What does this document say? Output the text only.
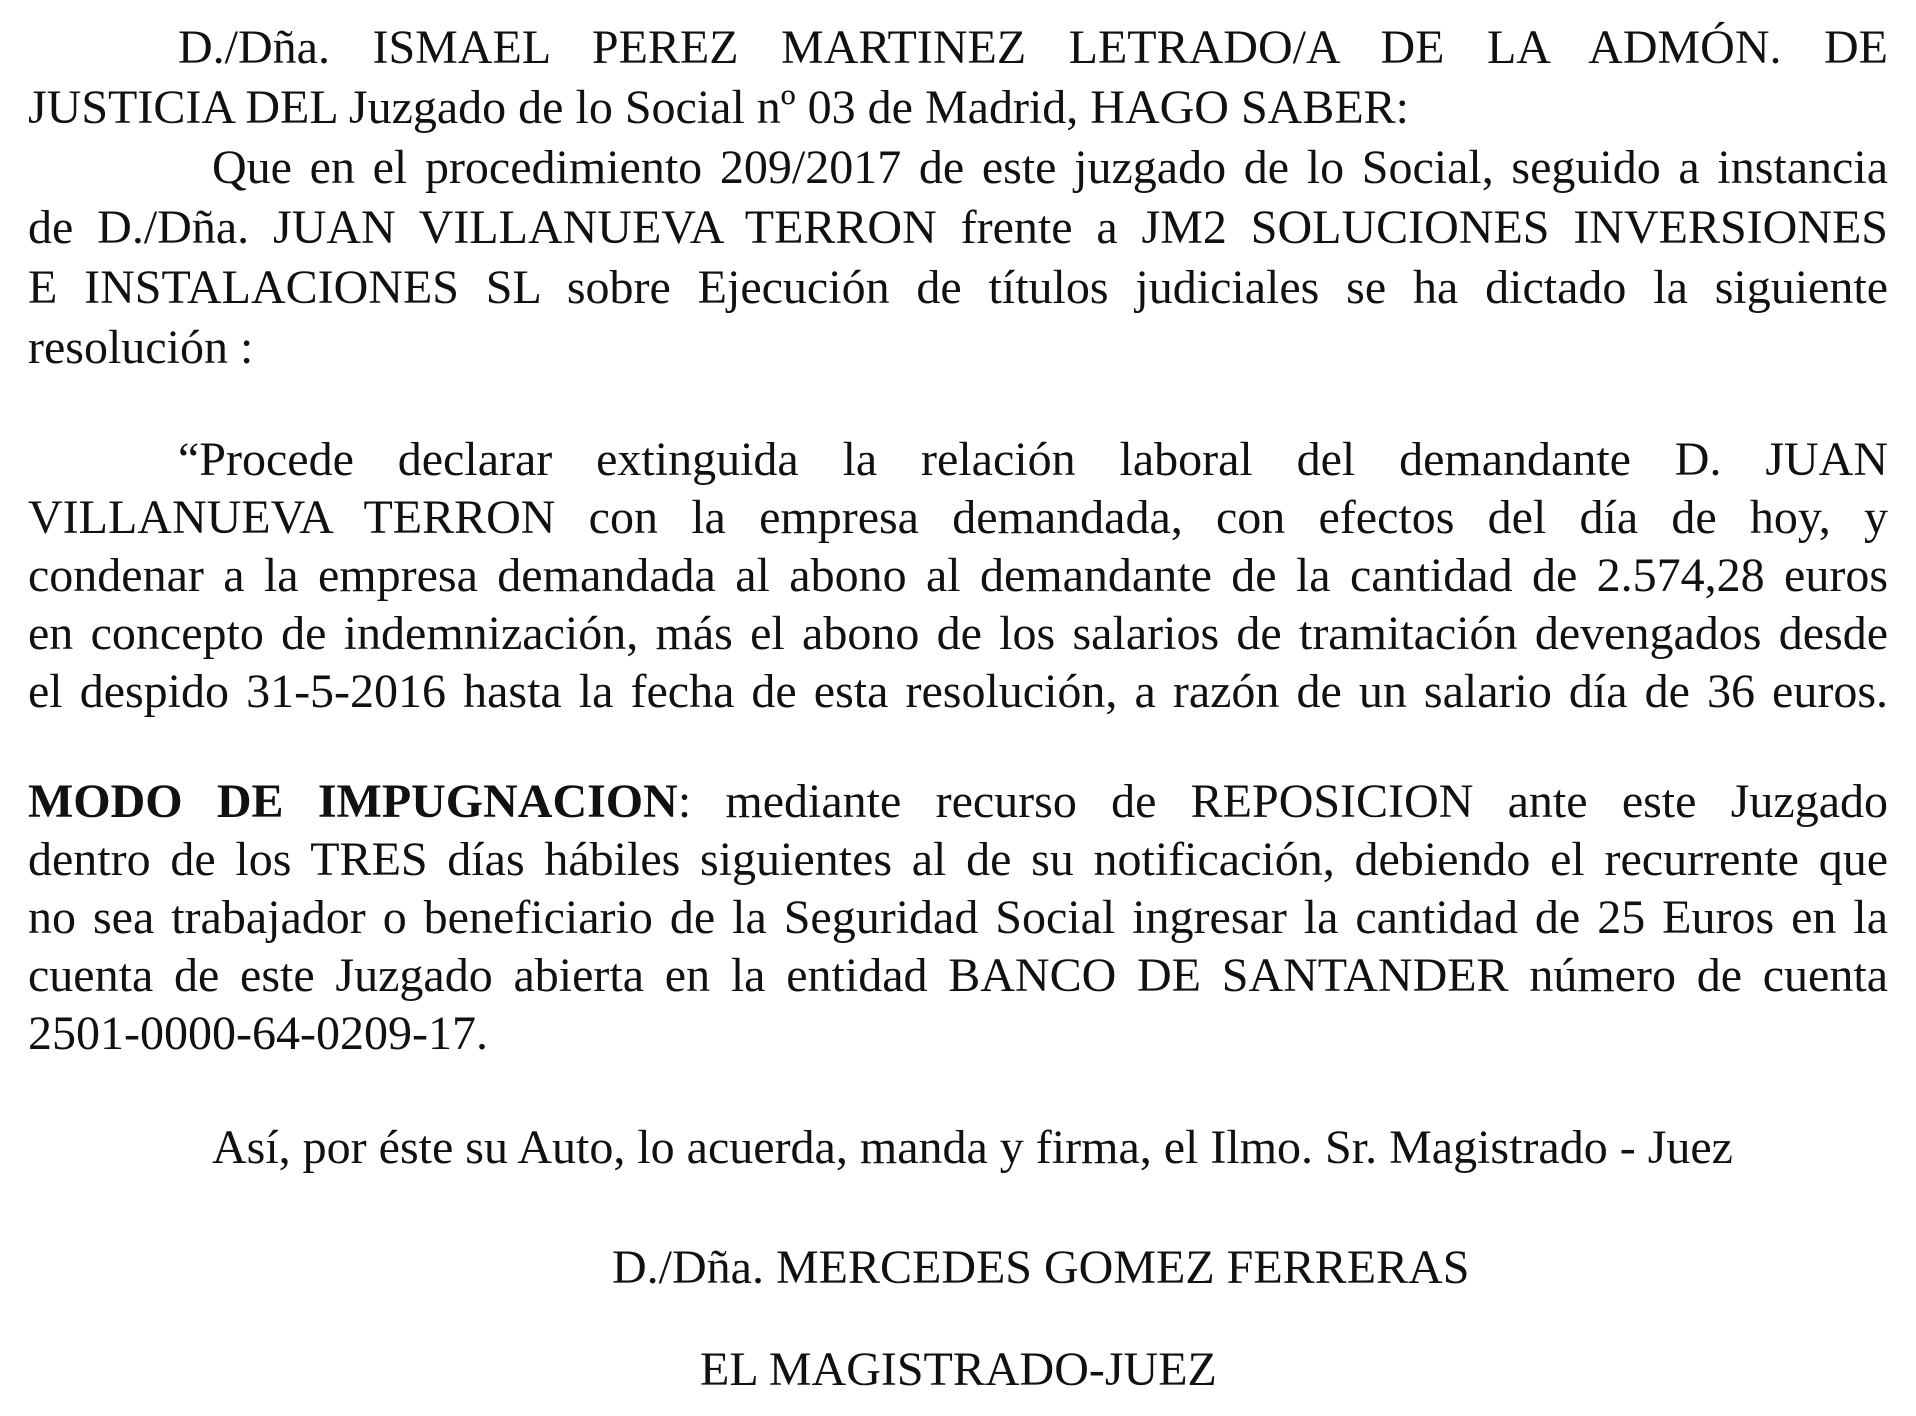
D./Dña. ISMAEL PEREZ MARTINEZ LETRADO/A DE LA ADMÓN. DE
JUSTICIA DEL Juzgado de lo Social nº 03 de Madrid, HAGO SABER:
Que en el procedimiento 209/2017 de este juzgado de lo Social, seguido a instancia
de D./Dña. JUAN VILLANUEVA TERRON frente a JM2 SOLUCIONES INVERSIONES
E INSTALACIONES SL sobre Ejecución de títulos judiciales se ha dictado la siguiente
resolución :
“Procede declarar extinguida la relación laboral del demandante D. JUAN
VILLANUEVA TERRON con la empresa demandada, con efectos del día de hoy, y
condenar a la empresa demandada al abono al demandante de la cantidad de 2.574,28 euros
en concepto de indemnización, más el abono de los salarios de tramitación devengados desde
el despido 31-5-2016 hasta la fecha de esta resolución, a razón de un salario día de 36 euros.
MODO DE IMPUGNACION: mediante recurso de REPOSICION ante este Juzgado
dentro de los TRES días hábiles siguientes al de su notificación, debiendo el recurrente que
no sea trabajador o beneficiario de la Seguridad Social ingresar la cantidad de 25 Euros en la
cuenta de este Juzgado abierta en la entidad BANCO DE SANTANDER número de cuenta
2501-0000-64-0209-17.
Así, por éste su Auto, lo acuerda, manda y firma, el Ilmo. Sr. Magistrado - Juez
D./Dña. MERCEDES GOMEZ FERRERAS
EL MAGISTRADO-JUEZ
